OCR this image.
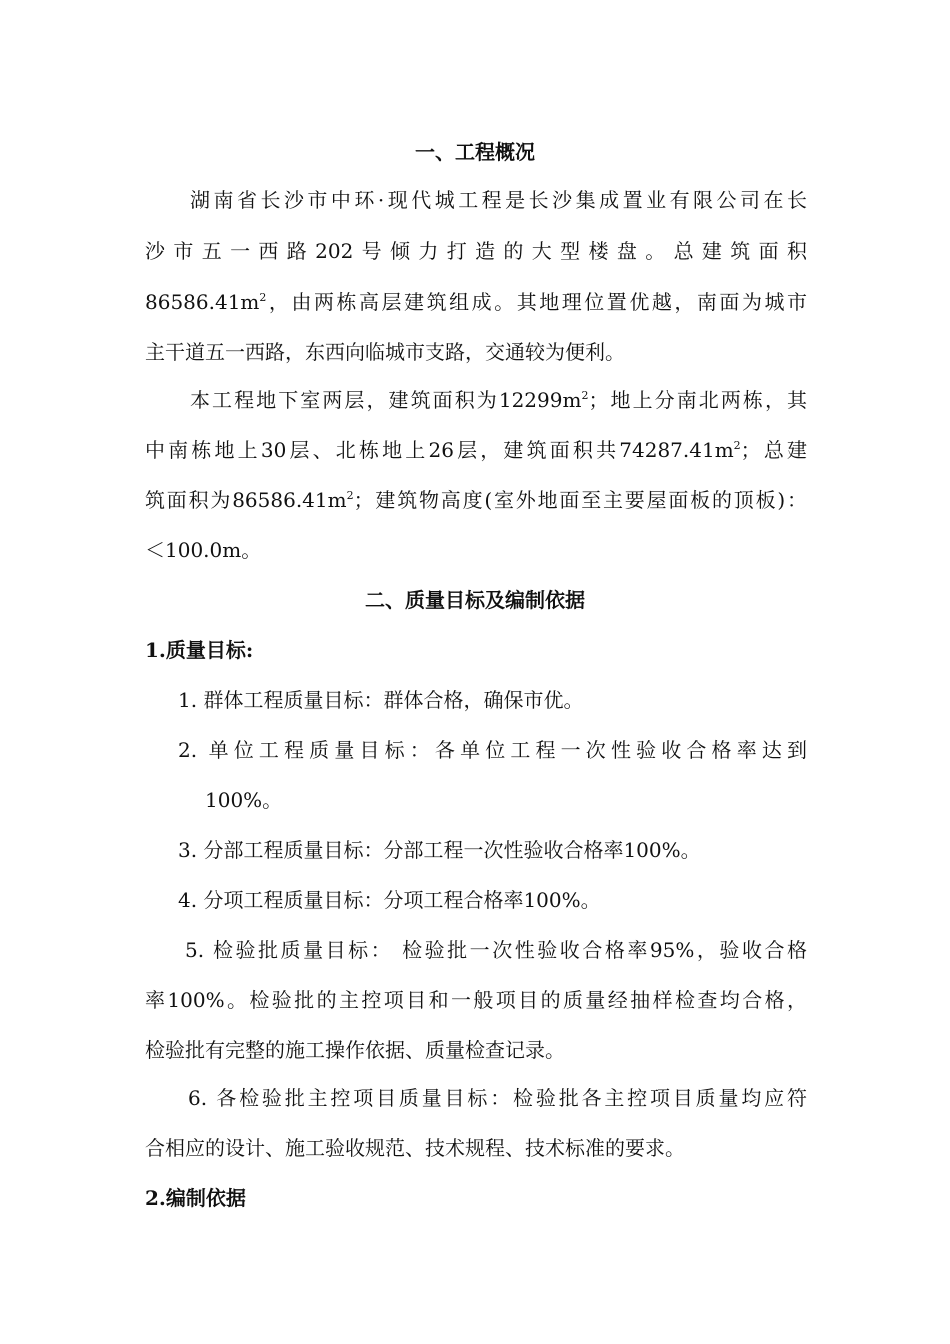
一、工程概况
湖南省长沙市中环·现代城工程是长沙集成置业有限公司在长
沙市五一西路202号倾力打造的大型楼盘。总建筑面积
$86586.41m^2$，由两栋高层建筑组成。其地理位置优越，南面为城市
主干道五一西路，东西向临城市支路，交通较为便利。
本工程地下室两层，建筑面积为$12299m^2$；地上分南北两栋，其
中南栋地上30层、北栋地上26层，建筑面积共$74287.41m^2$；总建
筑面积为$86586.41m^2$；建筑物高度(室外地面至主要屋面板的顶板)：
＜100.0m。
二、质量目标及编制依据
1.质量目标:
1. 群体工程质量目标：群体合格，确保市优。
2. 单位工程质量目标：各单位工程一次性验收合格率达到
100%。
3. 分部工程质量目标：分部工程一次性验收合格率100%。
4. 分项工程质量目标：分项工程合格率100%。
5. 检验批质量目标： 检验批一次性验收合格率95%，验收合格
率100%。检验批的主控项目和一般项目的质量经抽样检查均合格，
检验批有完整的施工操作依据、质量检查记录。
6. 各检验批主控项目质量目标：检验批各主控项目质量均应符
合相应的设计、施工验收规范、技术规程、技术标准的要求。
2.编制依据
